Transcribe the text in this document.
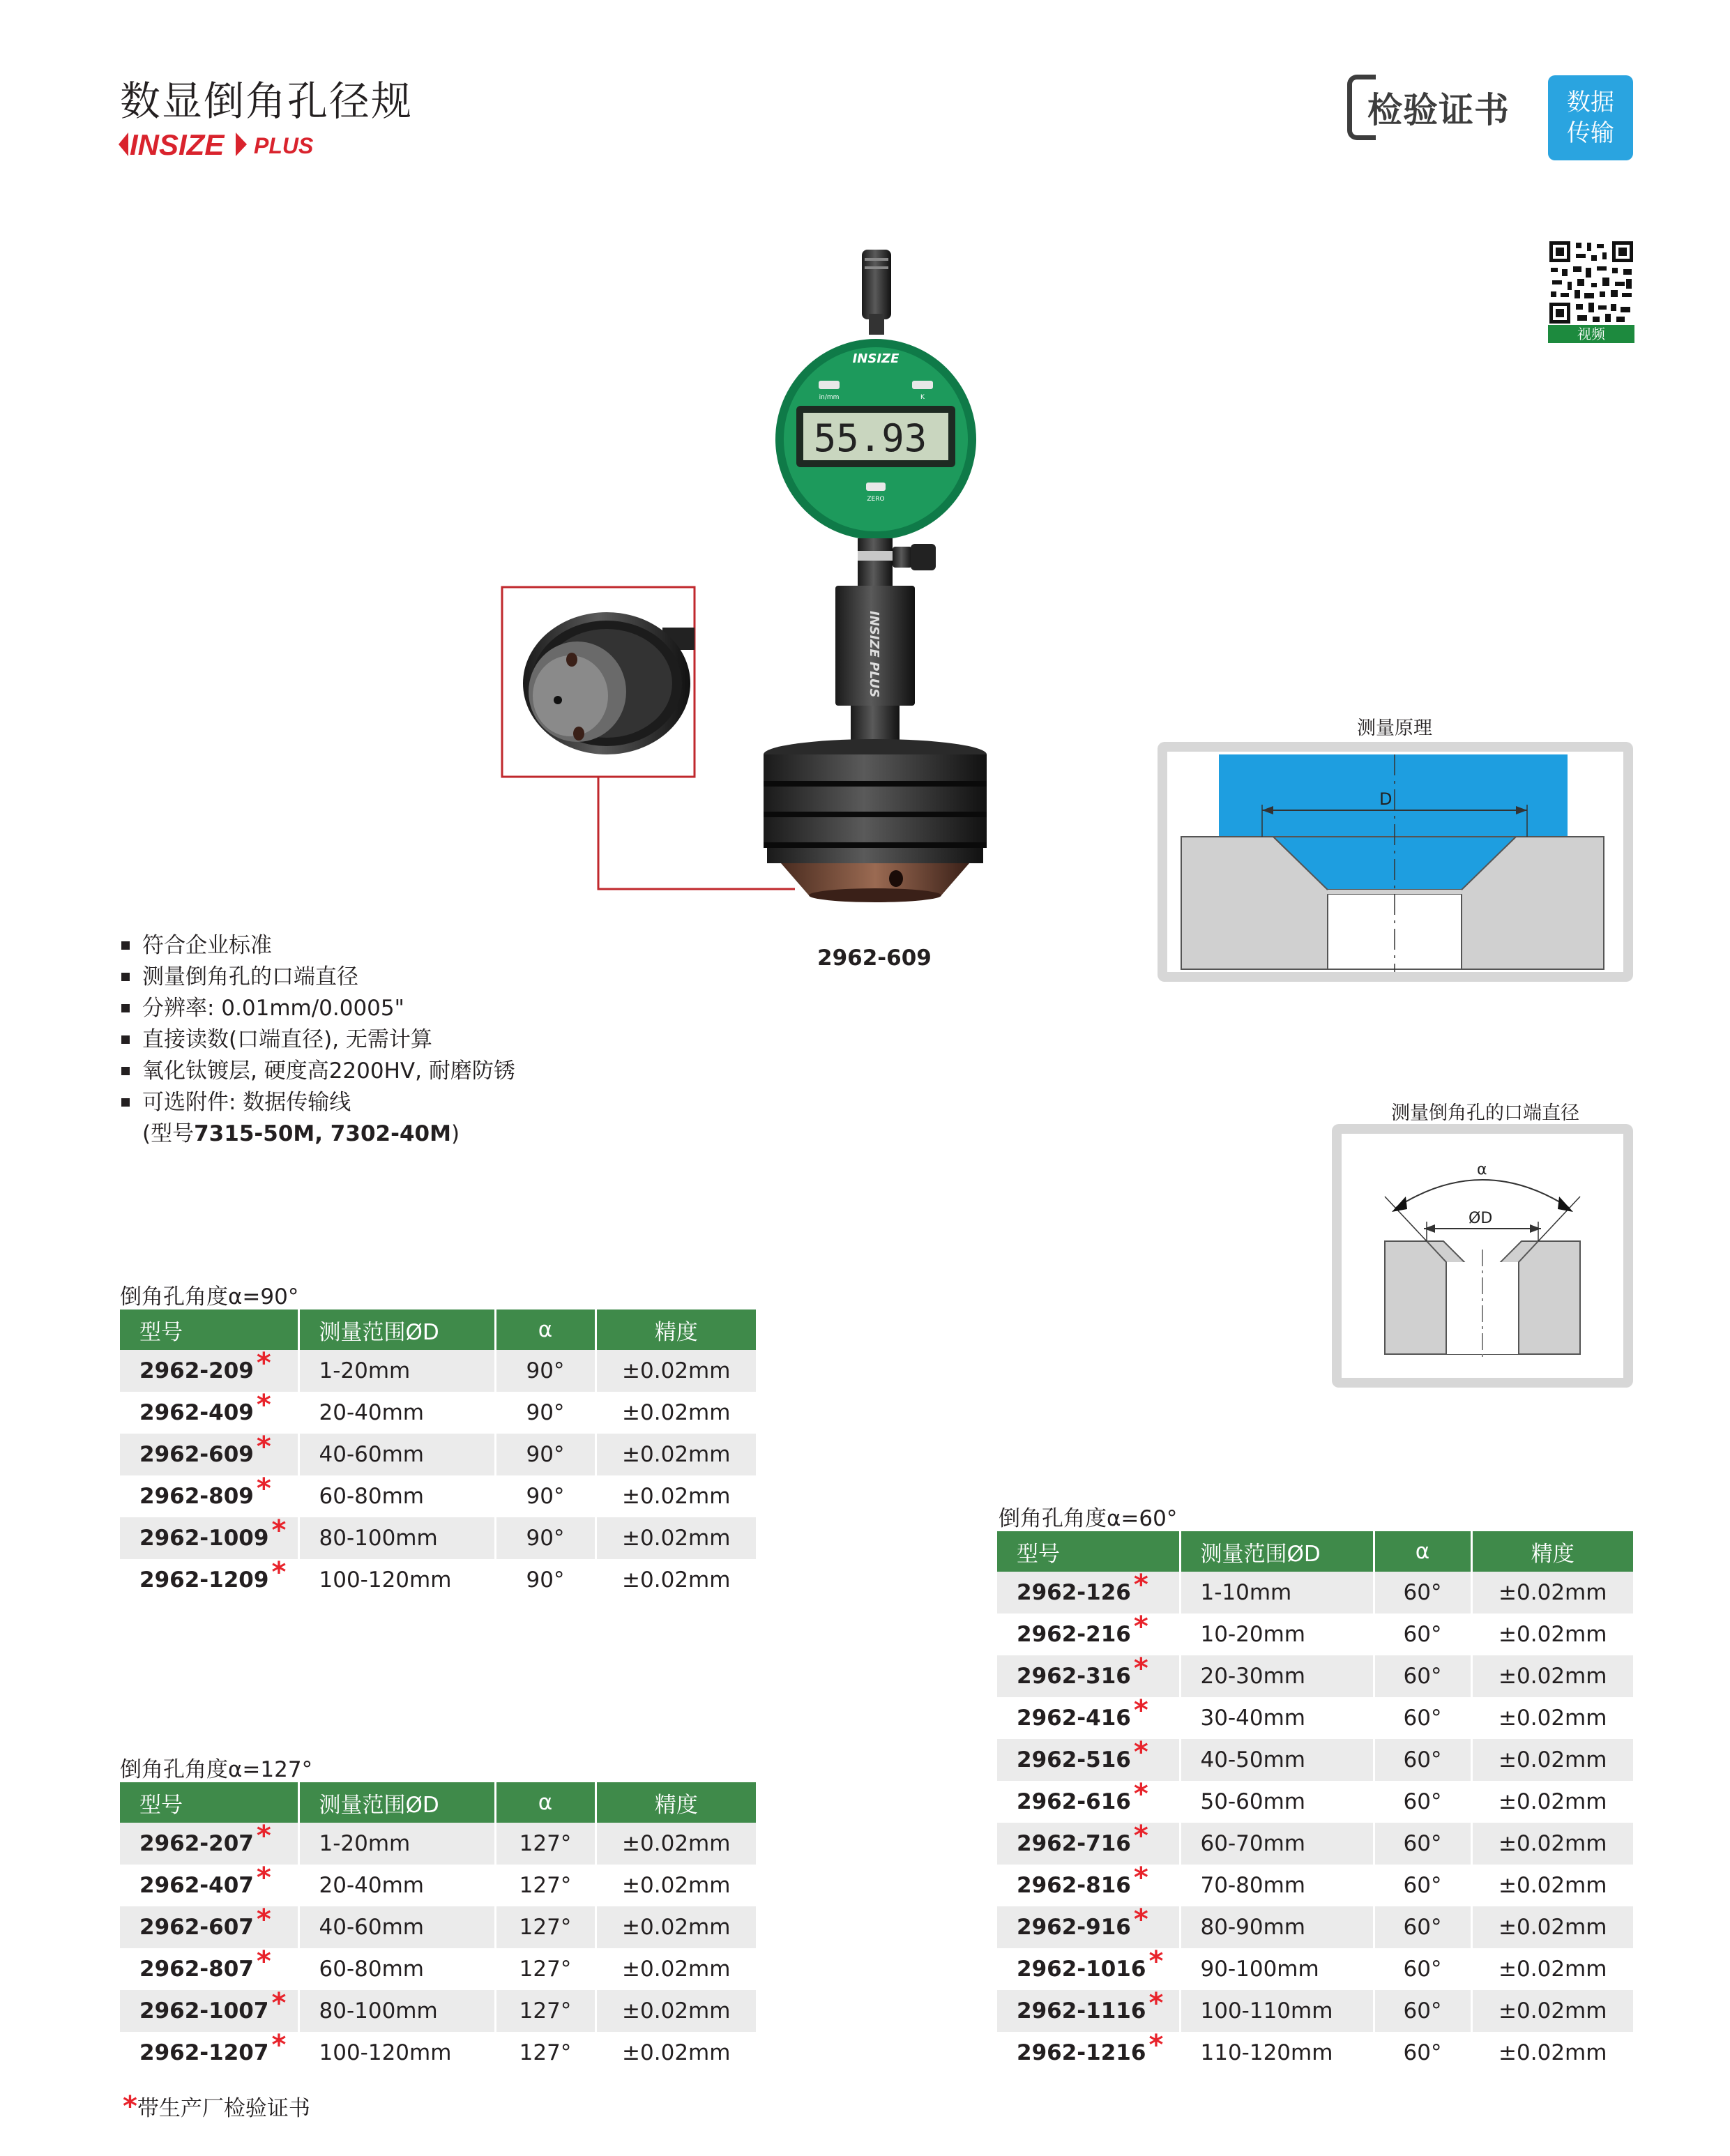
数显倒角孔径规
INSIZE PLUS
检验证书	数据
传输
视频
INSIZE
in/mm	K
55.93
ZERO
INSIZE PLUS
2962-609
符合企业标准
测量倒角孔的口端直径
分辨率: 0.01mm/0.0005"
直接读数(口端直径), 无需计算
氧化钛镀层, 硬度高2200HV, 耐磨防锈
可选附件: 数据传输线
(型号7315-50M, 7302-40M)
测量原理
D
测量倒角孔的口端直径
α
ØD
倒角孔角度α=90°
型号	测量范围ØD	α	精度
2962-209 *	1-20mm	90°	±0.02mm
2962-409 *	20-40mm	90°	±0.02mm
2962-609 *	40-60mm	90°	±0.02mm
2962-809 *	60-80mm	90°	±0.02mm
2962-1009 *	80-100mm	90°	±0.02mm
2962-1209 *	100-120mm	90°	±0.02mm
倒角孔角度α=127°
型号	测量范围ØD	α	精度
2962-207 *	1-20mm	127°	±0.02mm
2962-407 *	20-40mm	127°	±0.02mm
2962-607 *	40-60mm	127°	±0.02mm
2962-807 *	60-80mm	127°	±0.02mm
2962-1007 *	80-100mm	127°	±0.02mm
2962-1207 *	100-120mm	127°	±0.02mm
倒角孔角度α=60°
型号	测量范围ØD	α	精度
2962-126 *	1-10mm	60°	±0.02mm
2962-216 *	10-20mm	60°	±0.02mm
2962-316 *	20-30mm	60°	±0.02mm
2962-416 *	30-40mm	60°	±0.02mm
2962-516 *	40-50mm	60°	±0.02mm
2962-616 *	50-60mm	60°	±0.02mm
2962-716 *	60-70mm	60°	±0.02mm
2962-816 *	70-80mm	60°	±0.02mm
2962-916 *	80-90mm	60°	±0.02mm
2962-1016 *	90-100mm	60°	±0.02mm
2962-1116 *	100-110mm	60°	±0.02mm
2962-1216 *	110-120mm	60°	±0.02mm
*带生产厂检验证书
